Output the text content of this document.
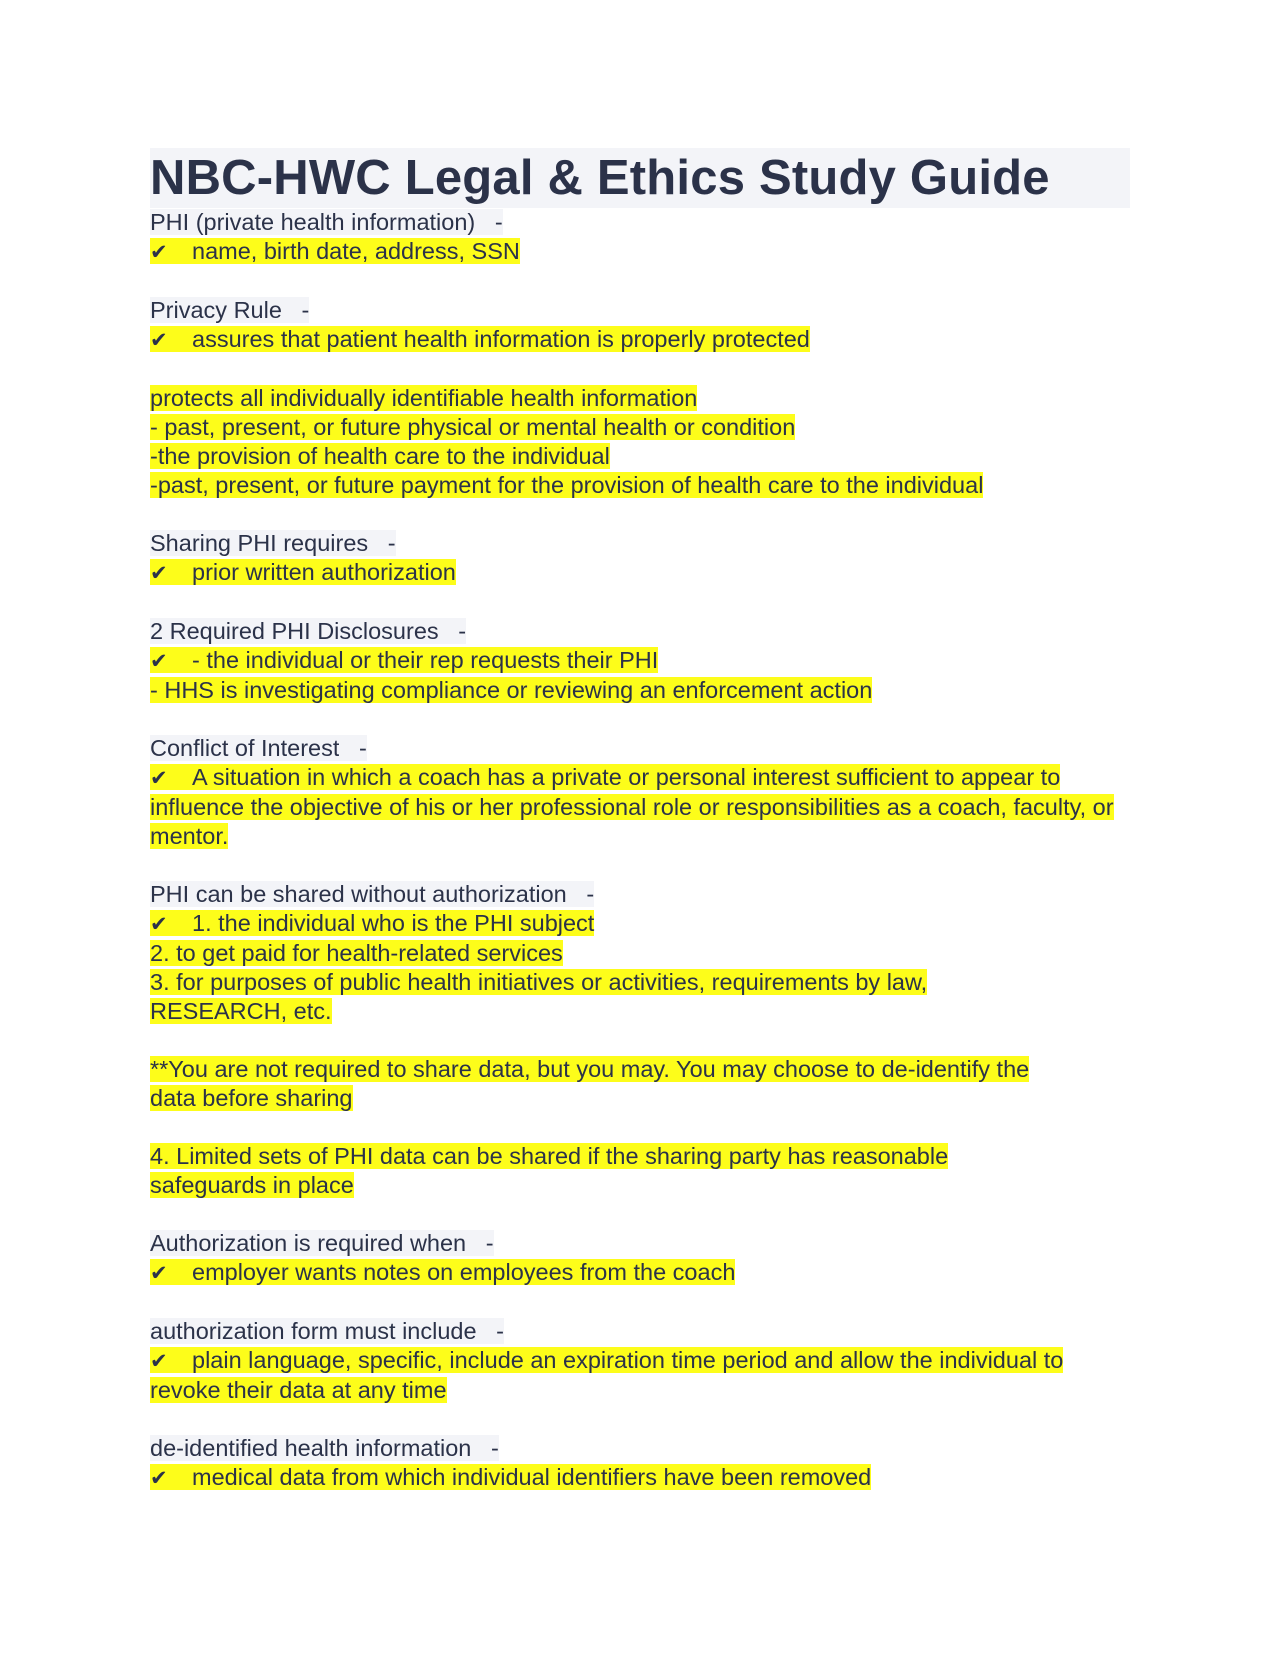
NBC-HWC Legal & Ethics Study Guide
PHI (private health information)   -
✔ name, birth date, address, SSN
Privacy Rule   -
✔ assures that patient health information is properly protected
protects all individually identifiable health information
- past, present, or future physical or mental health or condition
-the provision of health care to the individual
-past, present, or future payment for the provision of health care to the individual
Sharing PHI requires   -
✔ prior written authorization
2 Required PHI Disclosures   -
✔ - the individual or their rep requests their PHI
- HHS is investigating compliance or reviewing an enforcement action
Conflict of Interest   -
✔ A situation in which a coach has a private or personal interest sufficient to appear to influence the objective of his or her professional role or responsibilities as a coach, faculty, or mentor.
PHI can be shared without authorization   -
✔ 1. the individual who is the PHI subject
2. to get paid for health-related services
3. for purposes of public health initiatives or activities, requirements by law,
RESEARCH, etc.
**You are not required to share data, but you may. You may choose to de-identify the
data before sharing
4. Limited sets of PHI data can be shared if the sharing party has reasonable
safeguards in place
Authorization is required when   -
✔ employer wants notes on employees from the coach
authorization form must include   -
✔ plain language, specific, include an expiration time period and allow the individual to
revoke their data at any time
de-identified health information   -
✔ medical data from which individual identifiers have been removed
